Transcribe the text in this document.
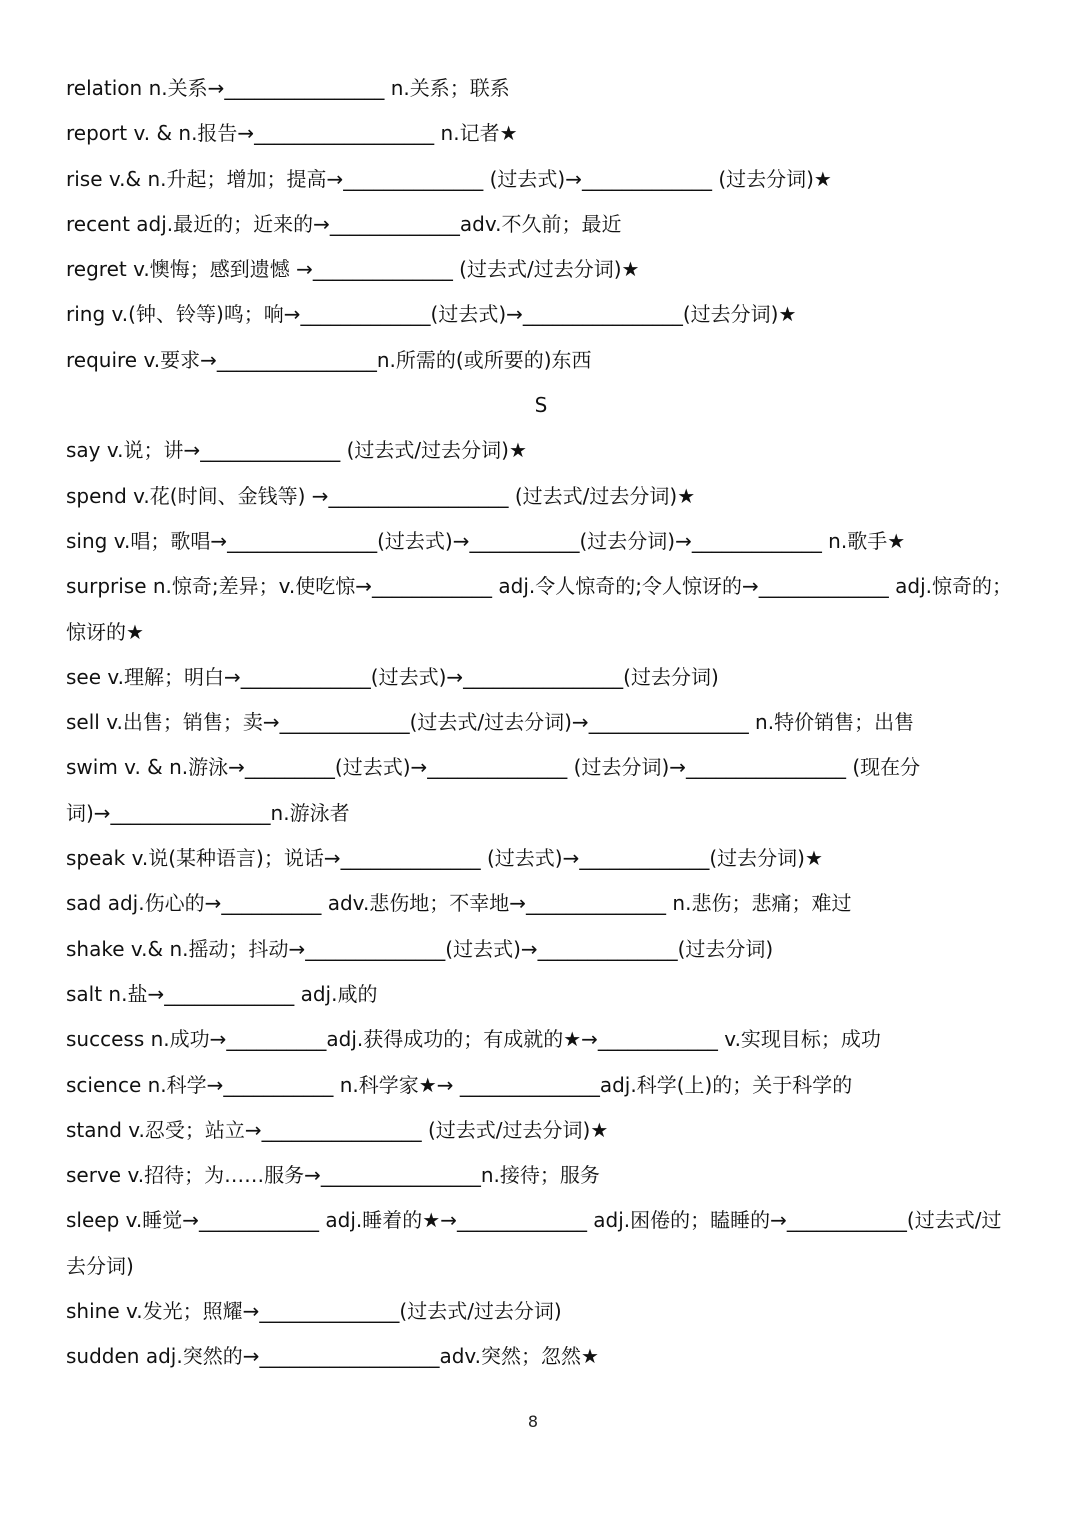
relation n.关系→________________ n.关系；联系
report v. & n.报告→__________________ n.记者★
rise v.& n.升起；增加；提高→______________ (过去式)→_____________ (过去分词)★
recent adj.最近的；近来的→_____________adv.不久前；最近
regret v.懊悔；感到遗憾 →______________ (过去式/过去分词)★
ring v.(钟、铃等)鸣；响→_____________(过去式)→________________(过去分词)★
require v.要求→________________n.所需的(或所要的)东西
S
say v.说；讲→______________ (过去式/过去分词)★
spend v.花(时间、金钱等) →__________________ (过去式/过去分词)★
sing v.唱；歌唱→_______________(过去式)→___________(过去分词)→_____________ n.歌手★
surprise n.惊奇;差异；v.使吃惊→____________ adj.令人惊奇的;令人惊讶的→_____________ adj.惊奇的；惊讶的★
see v.理解；明白→_____________(过去式)→________________(过去分词)
sell v.出售；销售；卖→_____________(过去式/过去分词)→________________ n.特价销售；出售
swim v. & n.游泳→_________(过去式)→______________ (过去分词)→________________ (现在分词)→________________n.游泳者
speak v.说(某种语言)；说话→______________ (过去式)→_____________(过去分词)★
sad adj.伤心的→__________ adv.悲伤地；不幸地→______________ n.悲伤；悲痛；难过
shake v.& n.摇动；抖动→______________(过去式)→______________(过去分词)
salt n.盐→_____________ adj.咸的
success n.成功→__________adj.获得成功的；有成就的★→____________ v.实现目标；成功
science n.科学→___________ n.科学家★→ ______________adj.科学(上)的；关于科学的
stand v.忍受；站立→________________ (过去式/过去分词)★
serve v.招待；为……服务→________________n.接待；服务
sleep v.睡觉→____________ adj.睡着的★→_____________ adj.困倦的；瞌睡的→____________(过去式/过去分词)
shine v.发光；照耀→______________(过去式/过去分词)
sudden adj.突然的→__________________adv.突然；忽然★
8
